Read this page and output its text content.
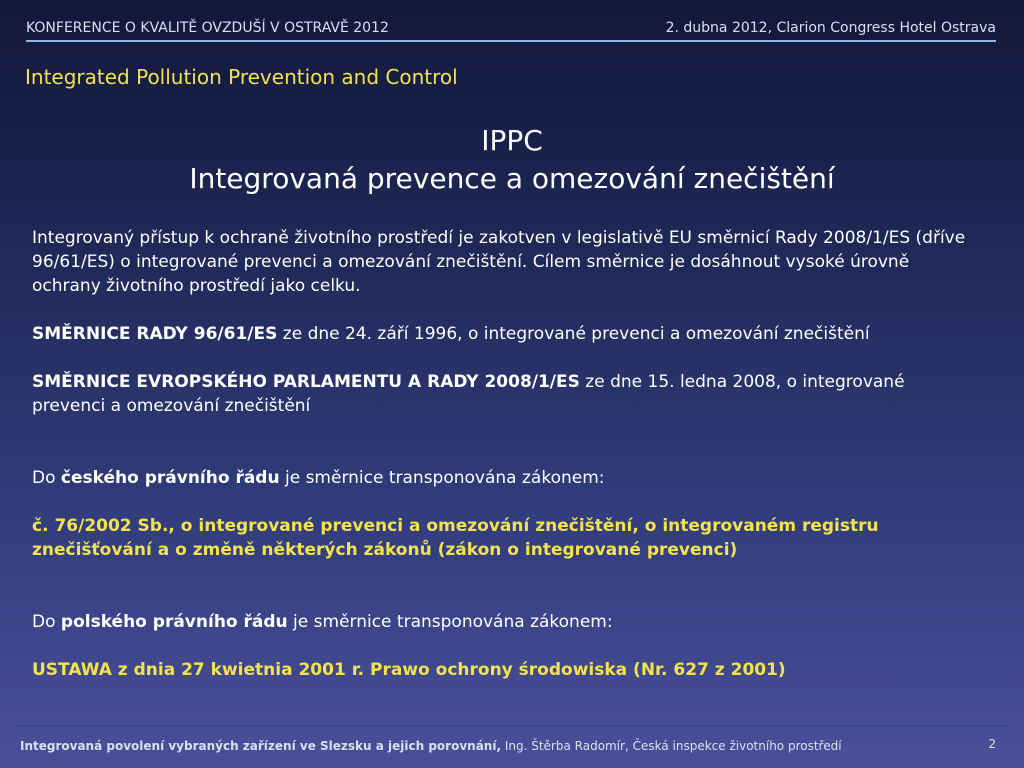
KONFERENCE O KVALITĚ OVZDUŠÍ V OSTRAVĚ 2012	2. dubna 2012, Clarion Congress Hotel Ostrava
Integrated Pollution Prevention and Control
IPPC
Integrovaná prevence a omezování znečištění
Integrovaný přístup k ochraně životního prostředí je zakotven v legislativě EU směrnicí Rady 2008/1/ES (dříve 96/61/ES) o integrované prevenci a omezování znečištění. Cílem směrnice je dosáhnout vysoké úrovně ochrany životního prostředí jako celku.
SMĚRNICE RADY 96/61/ES ze dne 24. září 1996, o integrované prevenci a omezování znečištění
SMĚRNICE EVROPSKÉHO PARLAMENTU A RADY 2008/1/ES ze dne 15. ledna 2008, o integrované prevenci a omezování znečištění
Do českého právního řádu je směrnice transponována zákonem:
č. 76/2002 Sb., o integrované prevenci a omezování znečištění, o integrovaném registru znečišťování a o změně některých zákonů (zákon o integrované prevenci)
Do polského právního řádu je směrnice transponována zákonem:
USTAWA z dnia 27 kwietnia 2001 r. Prawo ochrony środowiska (Nr. 627 z 2001)
Integrovaná povolení vybraných zařízení ve Slezsku a jejich porovnání, Ing. Štěrba Radomír, Česká inspekce životního prostředí	2
